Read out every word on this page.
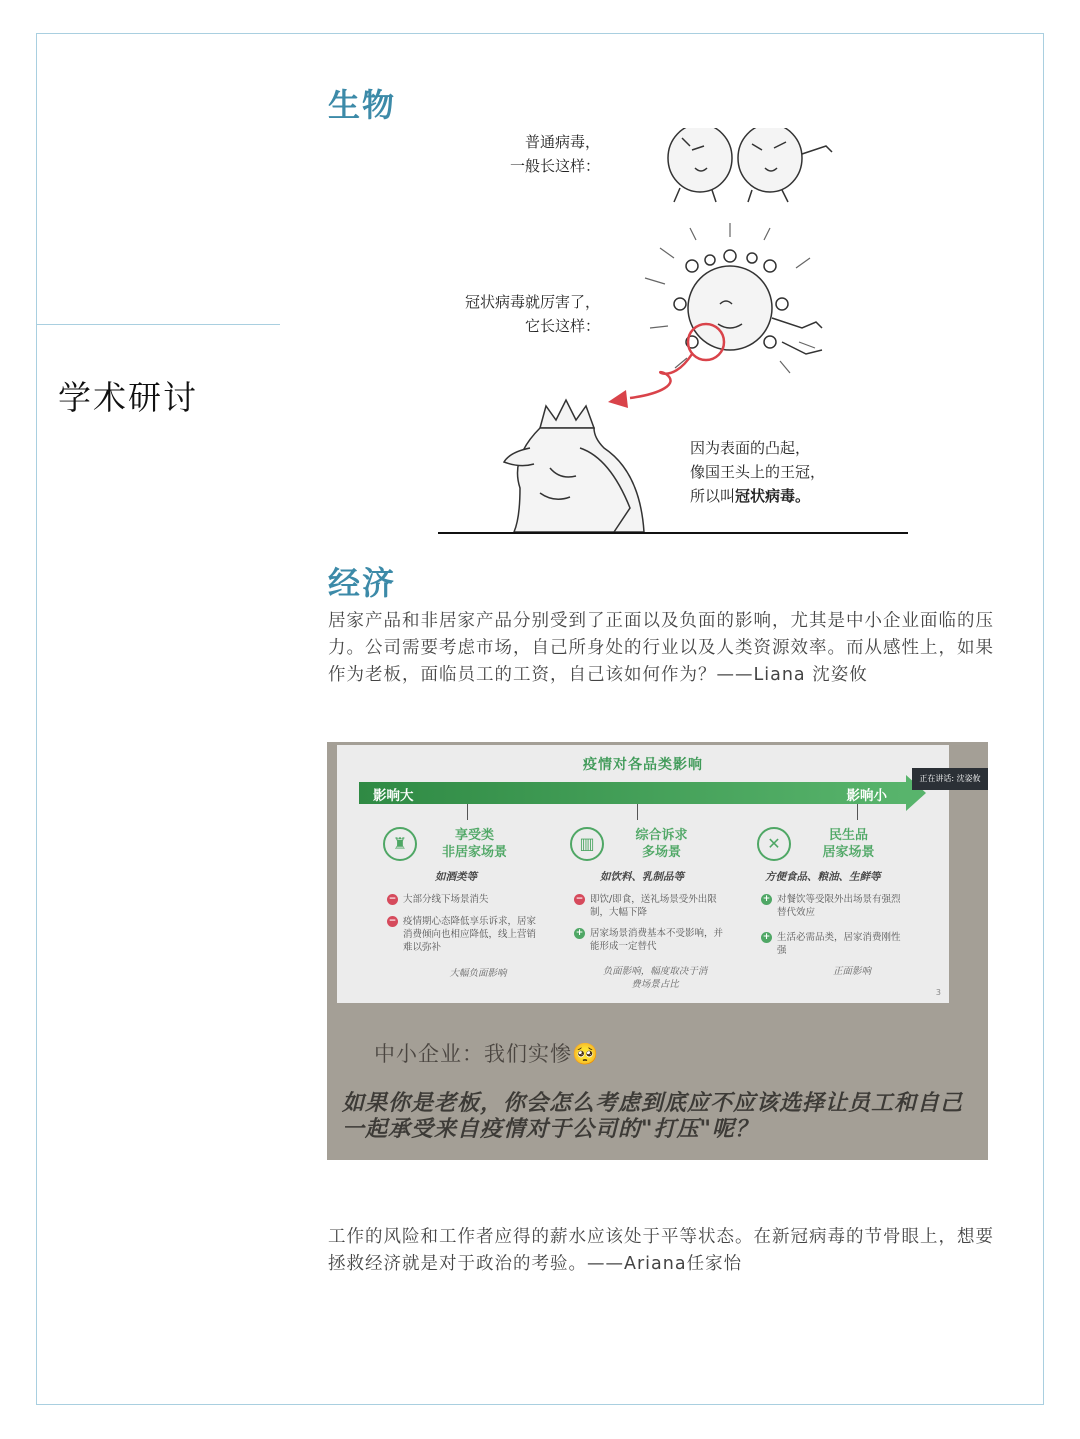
学术研讨
生物
普通病毒，
一般长这样：
冠状病毒就厉害了，
它长这样：
因为表面的凸起，
像国王头上的王冠，
所以叫冠状病毒。
经济

居家产品和非居家产品分别受到了正面以及负面的影响，尤其是中小企业面临的压力。公司需要考虑市场，自己所身处的行业以及人类资源效率。而从感性上，如果作为老板，面临员工的工资，自己该如何作为？——Liana 沈姿攸

疫情对各品类影响
影响大	影响小
♜	享受类
非居家场景
如酒类等
− 大部分线下场景消失
− 疫情期心态降低享乐诉求，居家消费倾向也相应降低，线上营销难以弥补
大幅负面影响
▥	综合诉求
多场景
如饮料、乳制品等
− 即饮/即食，送礼场景受外出限制，大幅下降
+ 居家场景消费基本不受影响，并能形成一定替代
负面影响，幅度取决于消费场景占比
✕	民生品
居家场景
方便食品、粮油、生鲜等
+ 对餐饮等受限外出场景有强烈替代效应
+ 生活必需品类，居家消费刚性强
正面影响
3
正在讲话: 沈姿攸
中小企业：我们实惨🥺
如果你是老板，你会怎么考虑到底应不应该选择让员工和自己一起承受来自疫情对于公司的"打压"呢？

工作的风险和工作者应得的薪水应该处于平等状态。在新冠病毒的节骨眼上，想要拯救经济就是对于政治的考验。——Ariana任家怡
